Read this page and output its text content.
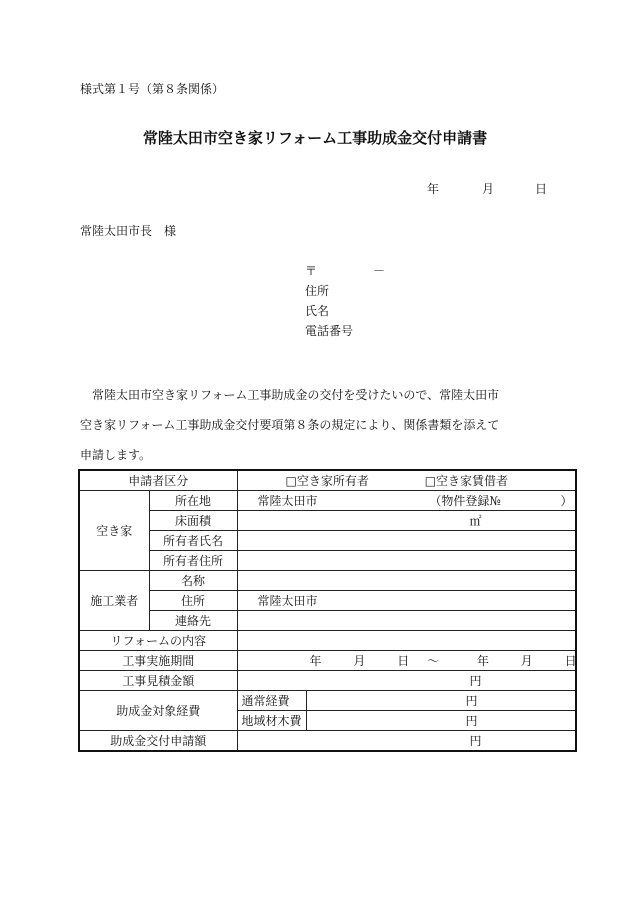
様式第１号（第８条関係）
常陸太田市空き家リフォーム工事助成金交付申請書
年	月	日
常陸太田市長　様
〒	－
住所
氏名
電話番号
常陸太田市空き家リフォーム工事助成金の交付を受けたいので、常陸太田市
空き家リフォーム工事助成金交付要項第８条の規定により、関係書類を添えて
申請します。
申請者区分		□空き家所有者 □空き家賃借者	
空き家	所在地	常陸太田市 （物件登録№ ）	
	床面積	㎡	
	所有者氏名		
	所有者住所		
施工業者	名称		
	住所	常陸太田市	
	連絡先		
リフォームの内容			
工事実施期間		年 月 日 ～ 年 月 日	
工事見積金額		円	
助成金対象経費		通常経費	円
		地域材木費	円
助成金交付申請額		円	
